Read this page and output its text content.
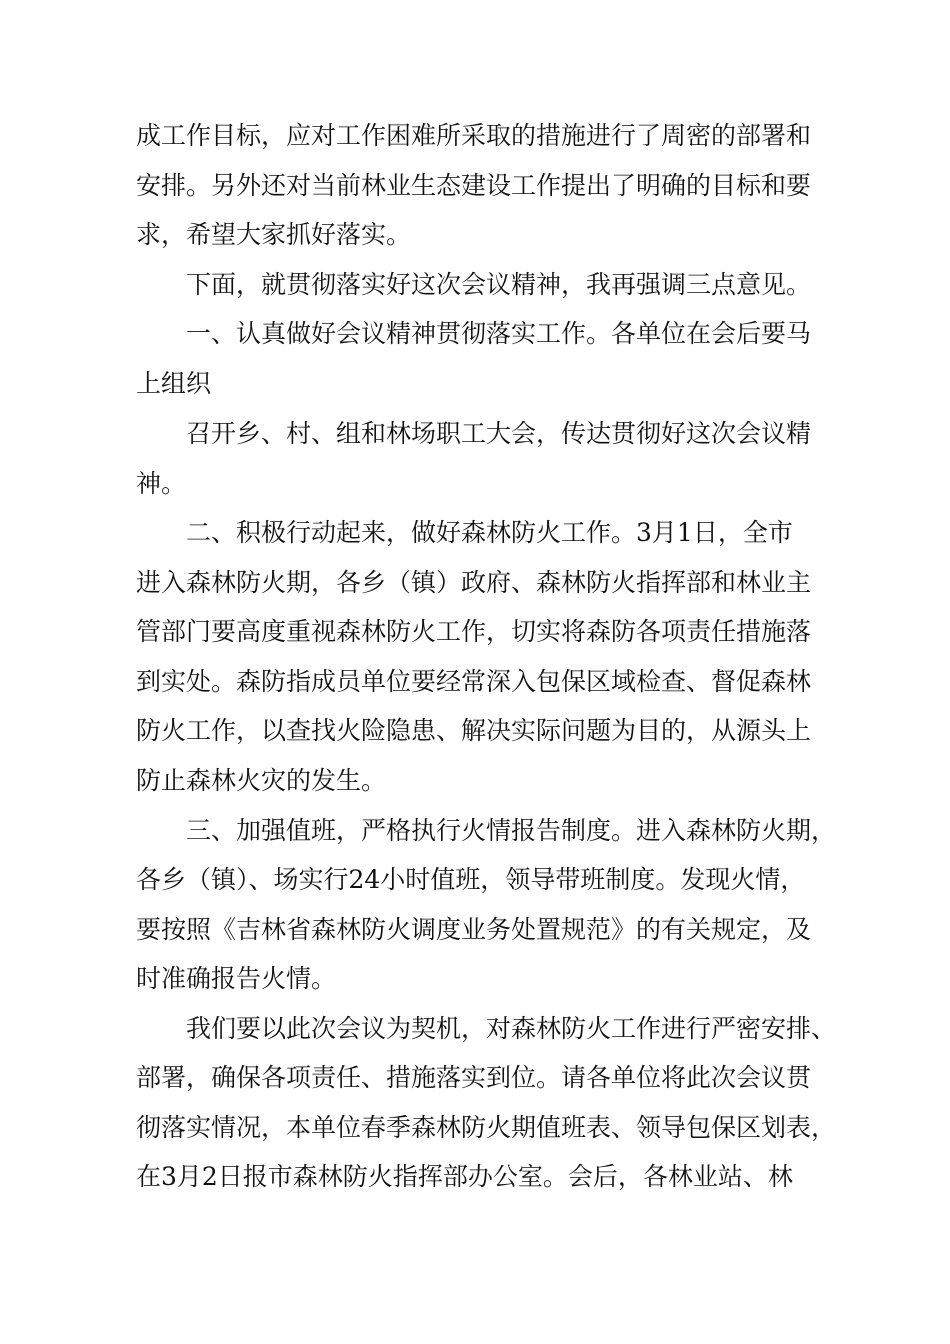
成工作目标，应对工作困难所采取的措施进行了周密的部署和
安排。另外还对当前林业生态建设工作提出了明确的目标和要
求，希望大家抓好落实。
下面，就贯彻落实好这次会议精神，我再强调三点意见。
一、认真做好会议精神贯彻落实工作。各单位在会后要马
上组织
召开乡、村、组和林场职工大会，传达贯彻好这次会议精
神。
二、积极行动起来，做好森林防火工作。3月1日，全市
进入森林防火期，各乡（镇）政府、森林防火指挥部和林业主
管部门要高度重视森林防火工作，切实将森防各项责任措施落
到实处。森防指成员单位要经常深入包保区域检查、督促森林
防火工作，以查找火险隐患、解决实际问题为目的，从源头上
防止森林火灾的发生。
三、加强值班，严格执行火情报告制度。进入森林防火期，
各乡（镇）、场实行24小时值班，领导带班制度。发现火情，
要按照《吉林省森林防火调度业务处置规范》的有关规定，及
时准确报告火情。
我们要以此次会议为契机，对森林防火工作进行严密安排、
部署，确保各项责任、措施落实到位。请各单位将此次会议贯
彻落实情况，本单位春季森林防火期值班表、领导包保区划表，
在3月2日报市森林防火指挥部办公室。会后，各林业站、林
